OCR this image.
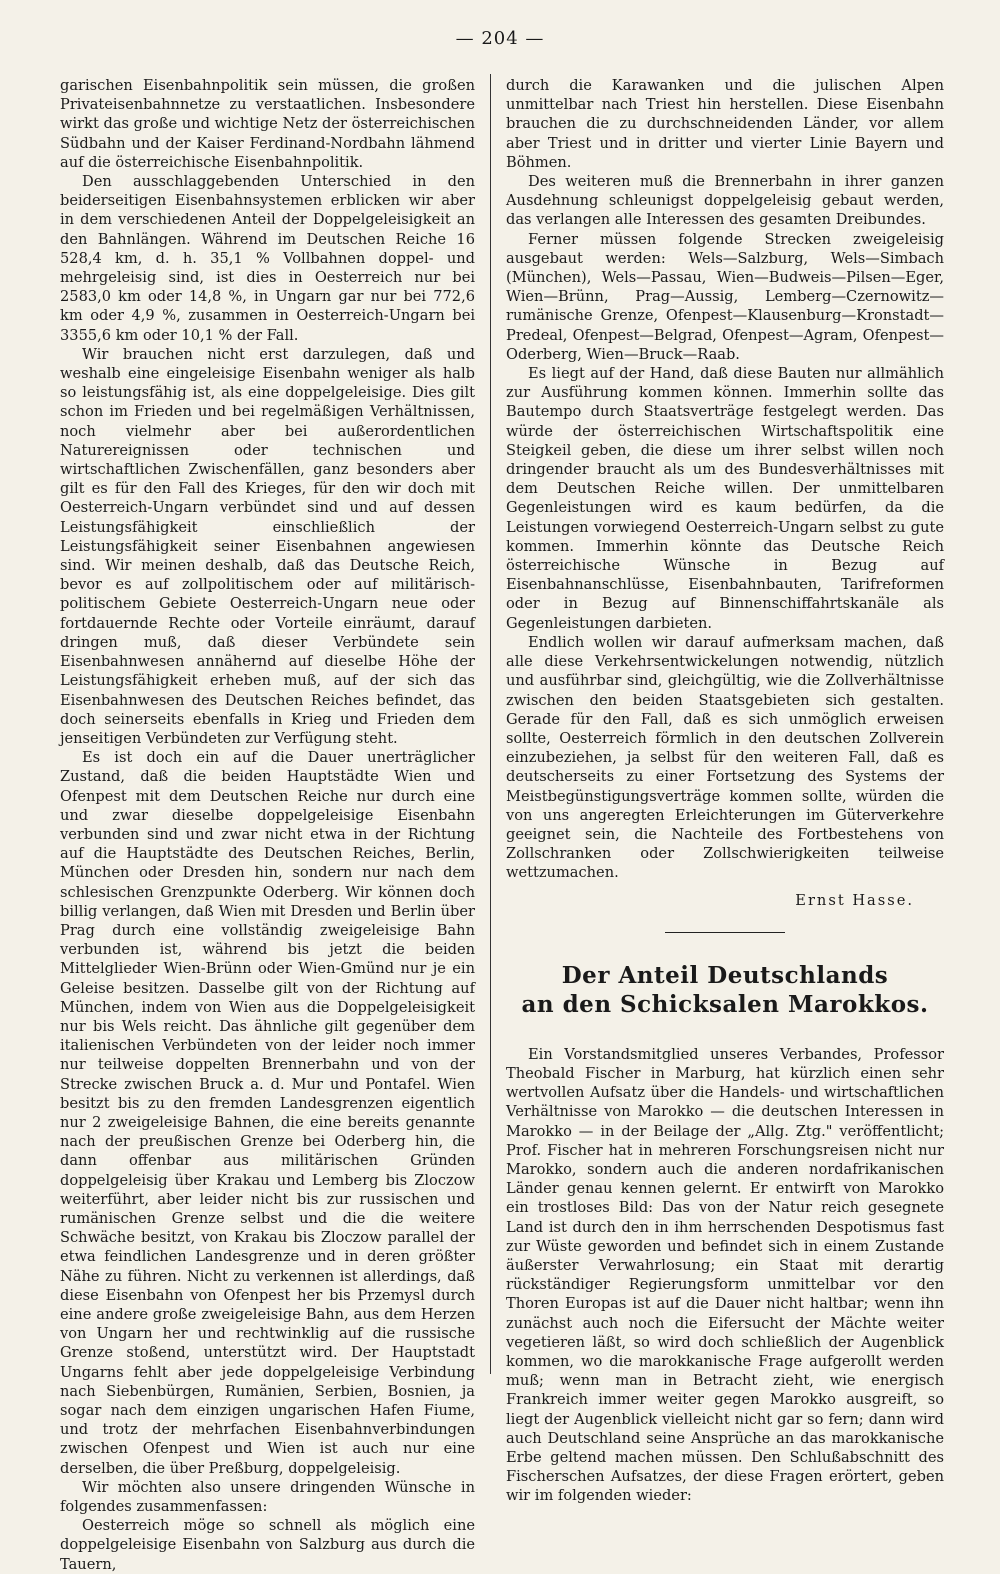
— 204 —

garischen Eisenbahnpolitik sein müssen, die großen Privateisenbahnnetze zu verstaatlichen. Insbesondere wirkt das große und wichtige Netz der österreichischen Südbahn und der Kaiser Ferdinand-Nordbahn lähmend auf die österreichische Eisenbahnpolitik.

Den ausschlaggebenden Unterschied in den beiderseitigen Eisenbahnsystemen erblicken wir aber in dem verschiedenen Anteil der Doppelgeleisigkeit an den Bahnlängen. Während im Deutschen Reiche 16 528,4 km, d. h. 35,1 % Vollbahnen doppel- und mehrgeleisig sind, ist dies in Oesterreich nur bei 2583,0 km oder 14,8 %, in Ungarn gar nur bei 772,6 km oder 4,9 %, zusammen in Oesterreich-Ungarn bei 3355,6 km oder 10,1 % der Fall.

Wir brauchen nicht erst darzulegen, daß und weshalb eine eingeleisige Eisenbahn weniger als halb so leistungsfähig ist, als eine doppelgeleisige. Dies gilt schon im Frieden und bei regelmäßigen Verhältnissen, noch vielmehr aber bei außerordentlichen Naturereignissen oder technischen und wirtschaftlichen Zwischenfällen, ganz besonders aber gilt es für den Fall des Krieges, für den wir doch mit Oesterreich-Ungarn verbündet sind und auf dessen Leistungsfähigkeit einschließlich der Leistungsfähigkeit seiner Eisenbahnen angewiesen sind. Wir meinen deshalb, daß das Deutsche Reich, bevor es auf zollpolitischem oder auf militärisch-politischem Gebiete Oesterreich-Ungarn neue oder fortdauernde Rechte oder Vorteile einräumt, darauf dringen muß, daß dieser Verbündete sein Eisenbahnwesen annähernd auf dieselbe Höhe der Leistungsfähigkeit erheben muß, auf der sich das Eisenbahnwesen des Deutschen Reiches befindet, das doch seinerseits ebenfalls in Krieg und Frieden dem jenseitigen Verbündeten zur Verfügung steht.

Es ist doch ein auf die Dauer unerträglicher Zustand, daß die beiden Hauptstädte Wien und Ofenpest mit dem Deutschen Reiche nur durch eine und zwar dieselbe doppelgeleisige Eisenbahn verbunden sind und zwar nicht etwa in der Richtung auf die Hauptstädte des Deutschen Reiches, Berlin, München oder Dresden hin, sondern nur nach dem schlesischen Grenzpunkte Oderberg. Wir können doch billig verlangen, daß Wien mit Dresden und Berlin über Prag durch eine vollständig zweigeleisige Bahn verbunden ist, während bis jetzt die beiden Mittelglieder Wien-Brünn oder Wien-Gmünd nur je ein Geleise besitzen. Dasselbe gilt von der Richtung auf München, indem von Wien aus die Doppelgeleisigkeit nur bis Wels reicht. Das ähnliche gilt gegenüber dem italienischen Verbündeten von der leider noch immer nur teilweise doppelten Brennerbahn und von der Strecke zwischen Bruck a. d. Mur und Pontafel. Wien besitzt bis zu den fremden Landesgrenzen eigentlich nur 2 zweigeleisige Bahnen, die eine bereits genannte nach der preußischen Grenze bei Oderberg hin, die dann offenbar aus militärischen Gründen doppelgeleisig über Krakau und Lemberg bis Zloczow weiterführt, aber leider nicht bis zur russischen und rumänischen Grenze selbst und die die weitere Schwäche besitzt, von Krakau bis Zloczow parallel der etwa feindlichen Landesgrenze und in deren größter Nähe zu führen. Nicht zu verkennen ist allerdings, daß diese Eisenbahn von Ofenpest her bis Przemysl durch eine andere große zweigeleisige Bahn, aus dem Herzen von Ungarn her und rechtwinklig auf die russische Grenze stoßend, unterstützt wird. Der Hauptstadt Ungarns fehlt aber jede doppelgeleisige Verbindung nach Siebenbürgen, Rumänien, Serbien, Bosnien, ja sogar nach dem einzigen ungarischen Hafen Fiume, und trotz der mehrfachen Eisenbahnverbindungen zwischen Ofenpest und Wien ist auch nur eine derselben, die über Preßburg, doppelgeleisig.

Wir möchten also unsere dringenden Wünsche in folgendes zusammenfassen:

Oesterreich möge so schnell als möglich eine doppelgeleisige Eisenbahn von Salzburg aus durch die Tauern,

durch die Karawanken und die julischen Alpen unmittelbar nach Triest hin herstellen. Diese Eisenbahn brauchen die zu durchschneidenden Länder, vor allem aber Triest und in dritter und vierter Linie Bayern und Böhmen.

Des weiteren muß die Brennerbahn in ihrer ganzen Ausdehnung schleunigst doppelgeleisig gebaut werden, das verlangen alle Interessen des gesamten Dreibundes.

Ferner müssen folgende Strecken zweigeleisig ausgebaut werden: Wels—Salzburg, Wels—Simbach (München), Wels—Passau, Wien—Budweis—Pilsen—Eger, Wien—Brünn, Prag—Aussig, Lemberg—Czernowitz—rumänische Grenze, Ofenpest—Klausenburg—Kronstadt—Predeal, Ofenpest—Belgrad, Ofenpest—Agram, Ofenpest—Oderberg, Wien—Bruck—Raab.

Es liegt auf der Hand, daß diese Bauten nur allmählich zur Ausführung kommen können. Immerhin sollte das Bautempo durch Staatsverträge festgelegt werden. Das würde der österreichischen Wirtschaftspolitik eine Steigkeil geben, die diese um ihrer selbst willen noch dringender braucht als um des Bundesverhältnisses mit dem Deutschen Reiche willen. Der unmittelbaren Gegenleistungen wird es kaum bedürfen, da die Leistungen vorwiegend Oesterreich-Ungarn selbst zu gute kommen. Immerhin könnte das Deutsche Reich österreichische Wünsche in Bezug auf Eisenbahnanschlüsse, Eisenbahnbauten, Tarifreformen oder in Bezug auf Binnenschiffahrtskanäle als Gegenleistungen darbieten.

Endlich wollen wir darauf aufmerksam machen, daß alle diese Verkehrsentwickelungen notwendig, nützlich und ausführbar sind, gleichgültig, wie die Zollverhältnisse zwischen den beiden Staatsgebieten sich gestalten. Gerade für den Fall, daß es sich unmöglich erweisen sollte, Oesterreich förmlich in den deutschen Zollverein einzubeziehen, ja selbst für den weiteren Fall, daß es deutscherseits zu einer Fortsetzung des Systems der Meistbegünstigungsverträge kommen sollte, würden die von uns angeregten Erleichterungen im Güterverkehre geeignet sein, die Nachteile des Fortbestehens von Zollschranken oder Zollschwierigkeiten teilweise wettzumachen.

Ernst Hasse.
Der Anteil Deutschlands
an den Schicksalen Marokkos.

Ein Vorstandsmitglied unseres Verbandes, Professor Theobald Fischer in Marburg, hat kürzlich einen sehr wertvollen Aufsatz über die Handels- und wirtschaftlichen Verhältnisse von Marokko — die deutschen Interessen in Marokko — in der Beilage der „Allg. Ztg." veröffentlicht; Prof. Fischer hat in mehreren Forschungsreisen nicht nur Marokko, sondern auch die anderen nordafrikanischen Länder genau kennen gelernt. Er entwirft von Marokko ein trostloses Bild: Das von der Natur reich gesegnete Land ist durch den in ihm herrschenden Despotismus fast zur Wüste geworden und befindet sich in einem Zustande äußerster Verwahrlosung; ein Staat mit derartig rückständiger Regierungsform unmittelbar vor den Thoren Europas ist auf die Dauer nicht haltbar; wenn ihn zunächst auch noch die Eifersucht der Mächte weiter vegetieren läßt, so wird doch schließlich der Augenblick kommen, wo die marokkanische Frage aufgerollt werden muß; wenn man in Betracht zieht, wie energisch Frankreich immer weiter gegen Marokko ausgreift, so liegt der Augenblick vielleicht nicht gar so fern; dann wird auch Deutschland seine Ansprüche an das marokkanische Erbe geltend machen müssen. Den Schlußabschnitt des Fischerschen Aufsatzes, der diese Fragen erörtert, geben wir im folgenden wieder:
